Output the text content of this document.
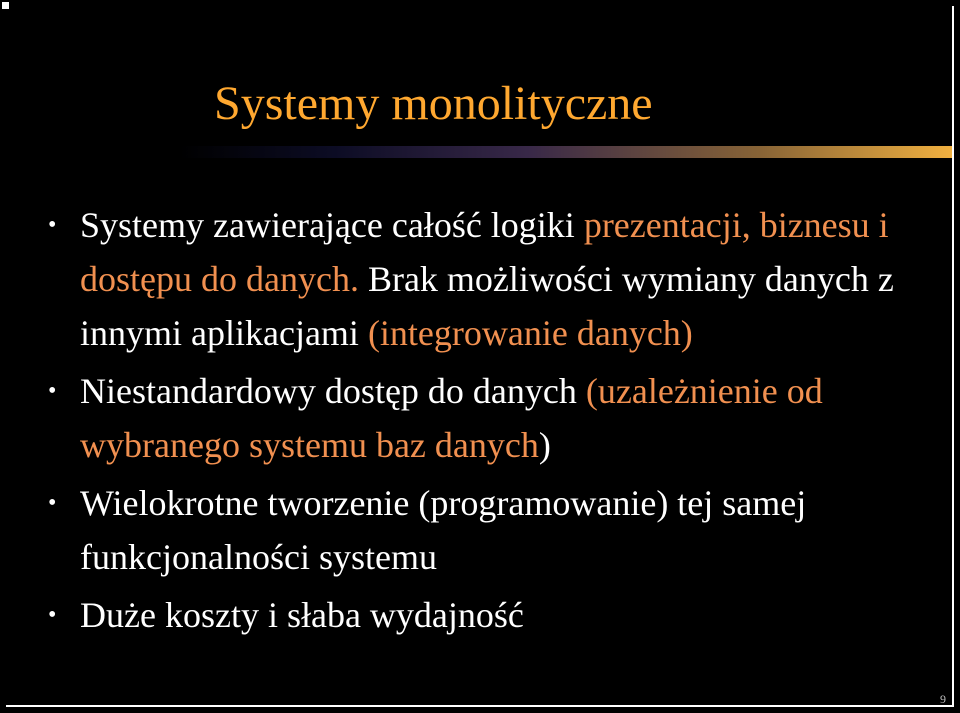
Systemy monolityczne
• Systemy zawierające całość logiki prezentacji, biznesu i dostępu do danych. Brak możliwości wymiany danych z innymi aplikacjami (integrowanie danych)
• Niestandardowy dostęp do danych (uzależnienie od wybranego systemu baz danych)
• Wielokrotne tworzenie (programowanie) tej samej funkcjonalności systemu
• Duże koszty i słaba wydajność
9
